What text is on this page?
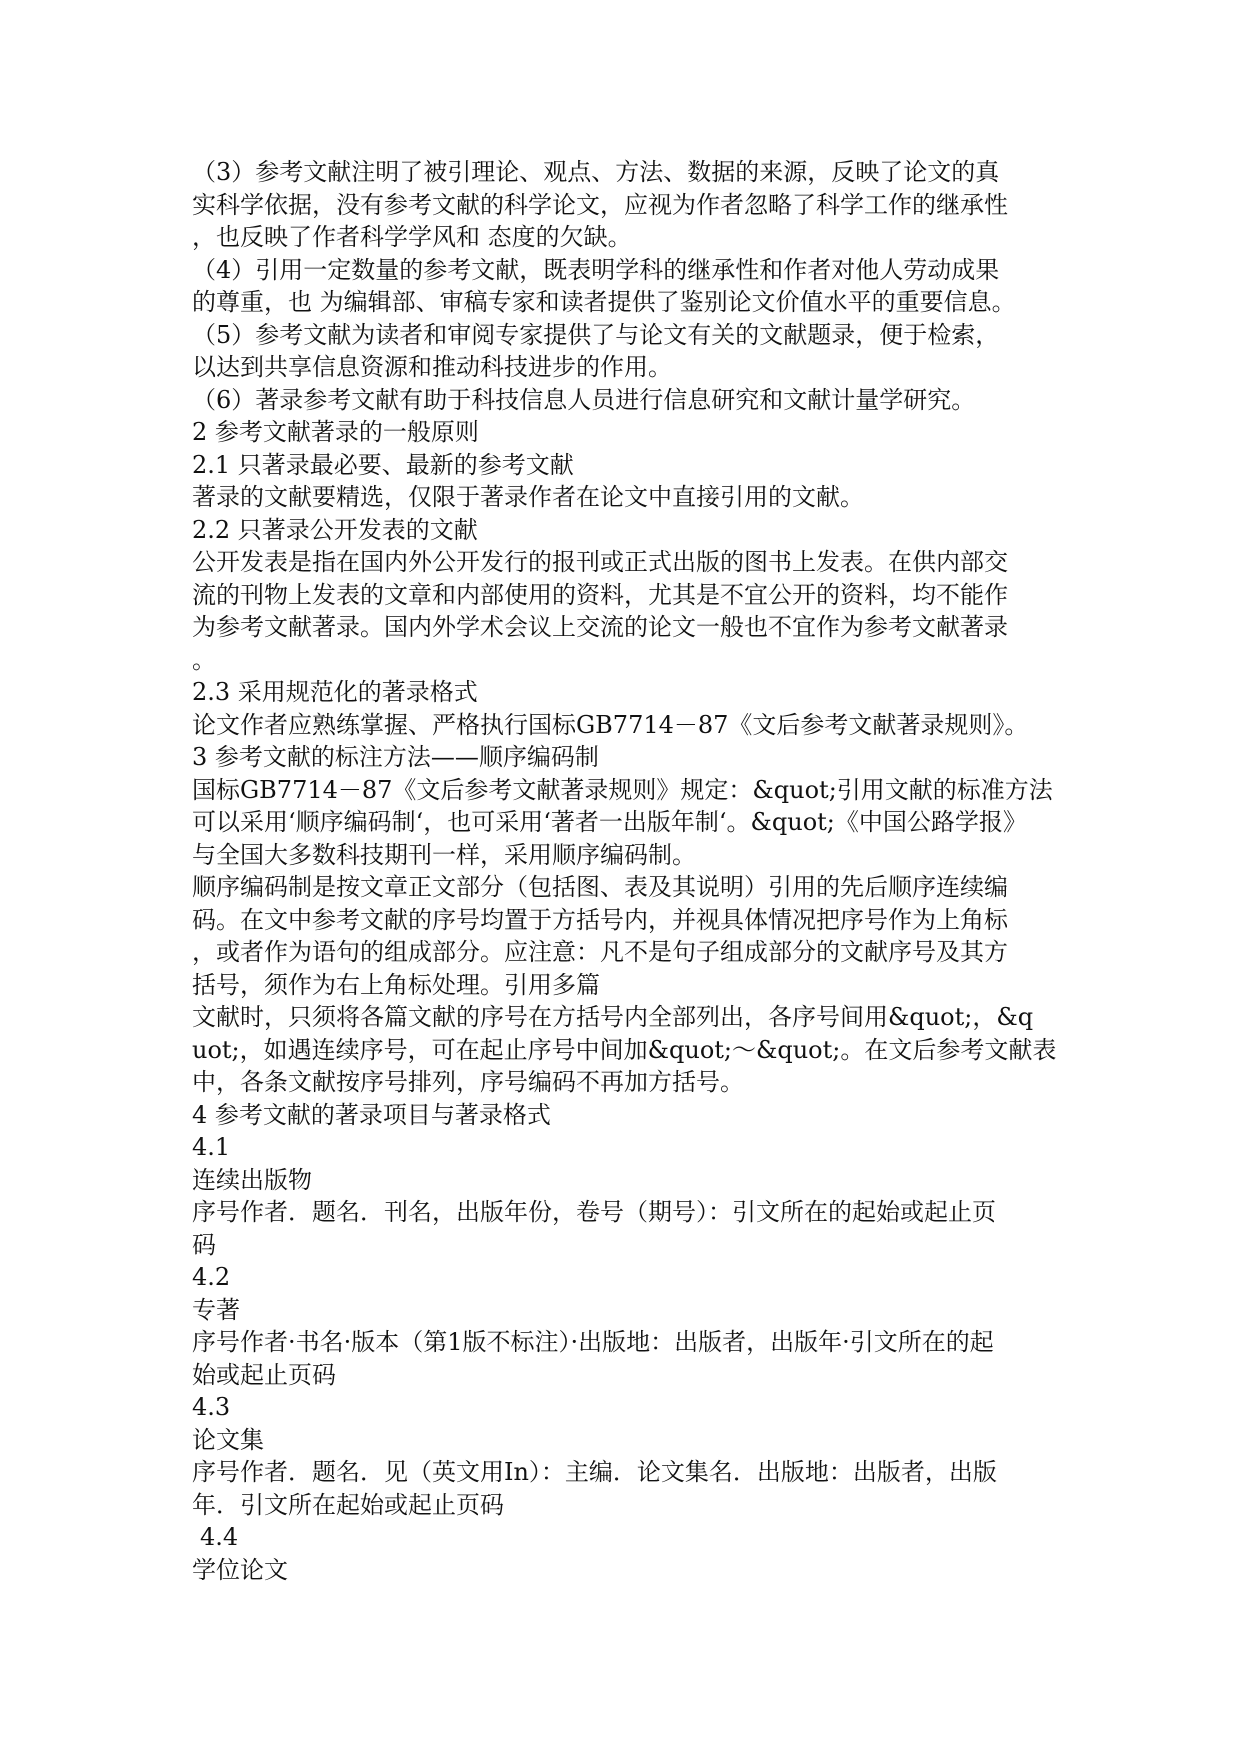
（3）参考文献注明了被引理论、观点、方法、数据的来源，反映了论文的真
实科学依据，没有参考文献的科学论文，应视为作者忽略了科学工作的继承性
，也反映了作者科学学风和 态度的欠缺。
（4）引用一定数量的参考文献，既表明学科的继承性和作者对他人劳动成果
的尊重，也 为编辑部、审稿专家和读者提供了鉴别论文价值水平的重要信息。
（5）参考文献为读者和审阅专家提供了与论文有关的文献题录，便于检索，
以达到共享信息资源和推动科技进步的作用。
（6）著录参考文献有助于科技信息人员进行信息研究和文献计量学研究。
2 参考文献著录的一般原则
2.1 只著录最必要、最新的参考文献
著录的文献要精选，仅限于著录作者在论文中直接引用的文献。
2.2 只著录公开发表的文献
公开发表是指在国内外公开发行的报刊或正式出版的图书上发表。在供内部交
流的刊物上发表的文章和内部使用的资料，尤其是不宜公开的资料，均不能作
为参考文献著录。国内外学术会议上交流的论文一般也不宜作为参考文献著录
。
2.3 采用规范化的著录格式
论文作者应熟练掌握、严格执行国标GB7714－87《文后参考文献著录规则》。
3 参考文献的标注方法——顺序编码制
国标GB7714－87《文后参考文献著录规则》规定：&quot;引用文献的标准方法
可以采用‘顺序编码制‘，也可采用‘著者一出版年制‘。&quot;《中国公路学报》
与全国大多数科技期刊一样，采用顺序编码制。
顺序编码制是按文章正文部分（包括图、表及其说明）引用的先后顺序连续编
码。在文中参考文献的序号均置于方括号内，并视具体情况把序号作为上角标
，或者作为语句的组成部分。应注意：凡不是句子组成部分的文献序号及其方
括号，须作为右上角标处理。引用多篇
文献时，只须将各篇文献的序号在方括号内全部列出，各序号间用&quot;，&q
uot;，如遇连续序号，可在起止序号中间加&quot;～&quot;。在文后参考文献表
中，各条文献按序号排列，序号编码不再加方括号。
4 参考文献的著录项目与著录格式
4.1
连续出版物
序号作者．题名．刊名，出版年份，卷号（期号）：引文所在的起始或起止页
码
4.2
专著
序号作者·书名·版本（第1版不标注）·出版地：出版者，出版年·引文所在的起
始或起止页码
4.3
论文集
序号作者．题名．见（英文用In）：主编．论文集名．出版地：出版者，出版
年．引文所在起始或起止页码
4.4
学位论文
